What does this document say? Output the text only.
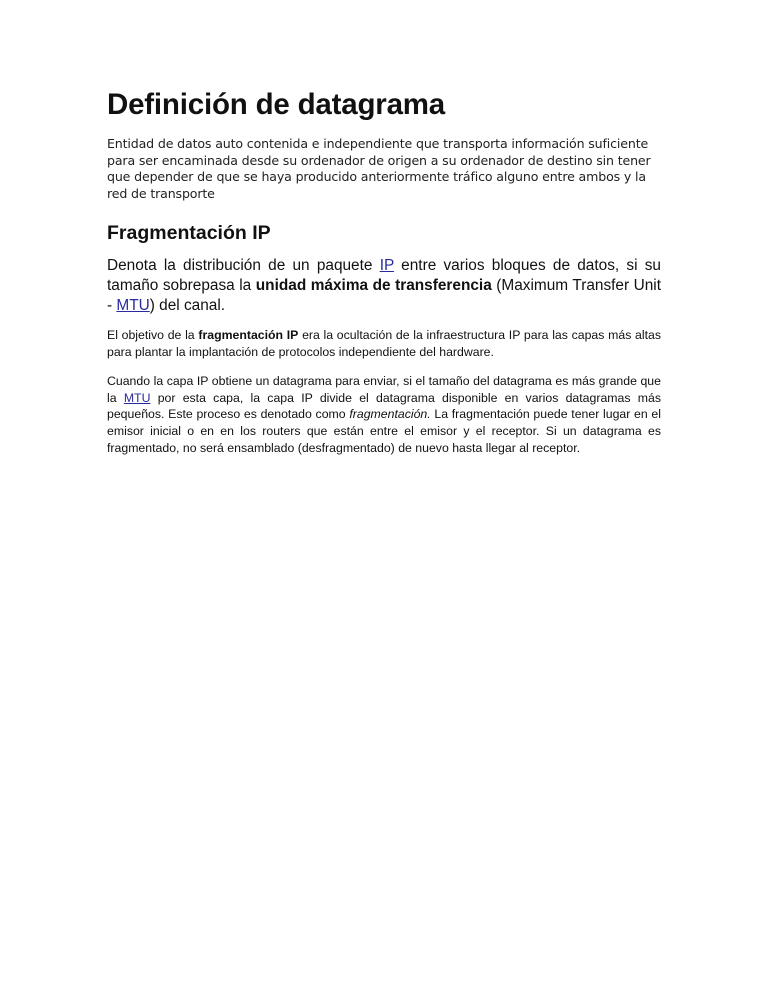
Definición de datagrama

Entidad de datos auto contenida e independiente que transporta información suficiente para ser encaminada desde su ordenador de origen a su ordenador de destino sin tener que depender de que se haya producido anteriormente tráfico alguno entre ambos y la red de transporte

Fragmentación IP

Denota la distribución de un paquete IP entre varios bloques de datos, si su tamaño sobrepasa la unidad máxima de transferencia (Maximum Transfer Unit - MTU) del canal.

El objetivo de la fragmentación IP era la ocultación de la infraestructura IP para las capas más altas para plantar la implantación de protocolos independiente del hardware.

Cuando la capa IP obtiene un datagrama para enviar, si el tamaño del datagrama es más grande que la MTU por esta capa, la capa IP divide el datagrama disponible en varios datagramas más pequeños. Este proceso es denotado como fragmentación. La fragmentación puede tener lugar en el emisor inicial o en en los routers que están entre el emisor y el receptor. Si un datagrama es fragmentado, no será ensamblado (desfragmentado) de nuevo hasta llegar al receptor.
